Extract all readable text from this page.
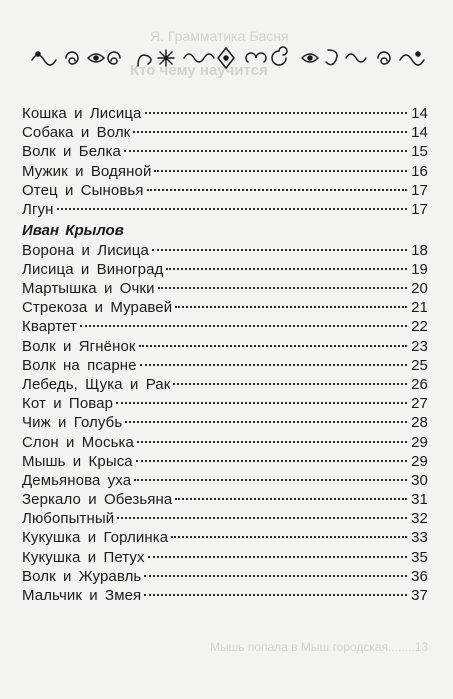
Я. Грамматика Басня
Кто чему научится
Мышь попала в Мыш городская........13
Кошка и Лисица	14
Собака и Волк	14
Волк и Белка	15
Мужик и Водяной	16
Отец и Сыновья	17
Лгун	17
Иван Крылов
Ворона и Лисица	18
Лисица и Виноград	19
Мартышка и Очки	20
Стрекоза и Муравей	21
Квартет	22
Волк и Ягнёнок	23
Волк на псарне	25
Лебедь, Щука и Рак	26
Кот и Повар	27
Чиж и Голубь	28
Слон и Моська	29
Мышь и Крыса	29
Демьянова уха	30
Зеркало и Обезьяна	31
Любопытный	32
Кукушка и Горлинка	33
Кукушка и Петух	35
Волк и Журавль	36
Мальчик и Змея	37
